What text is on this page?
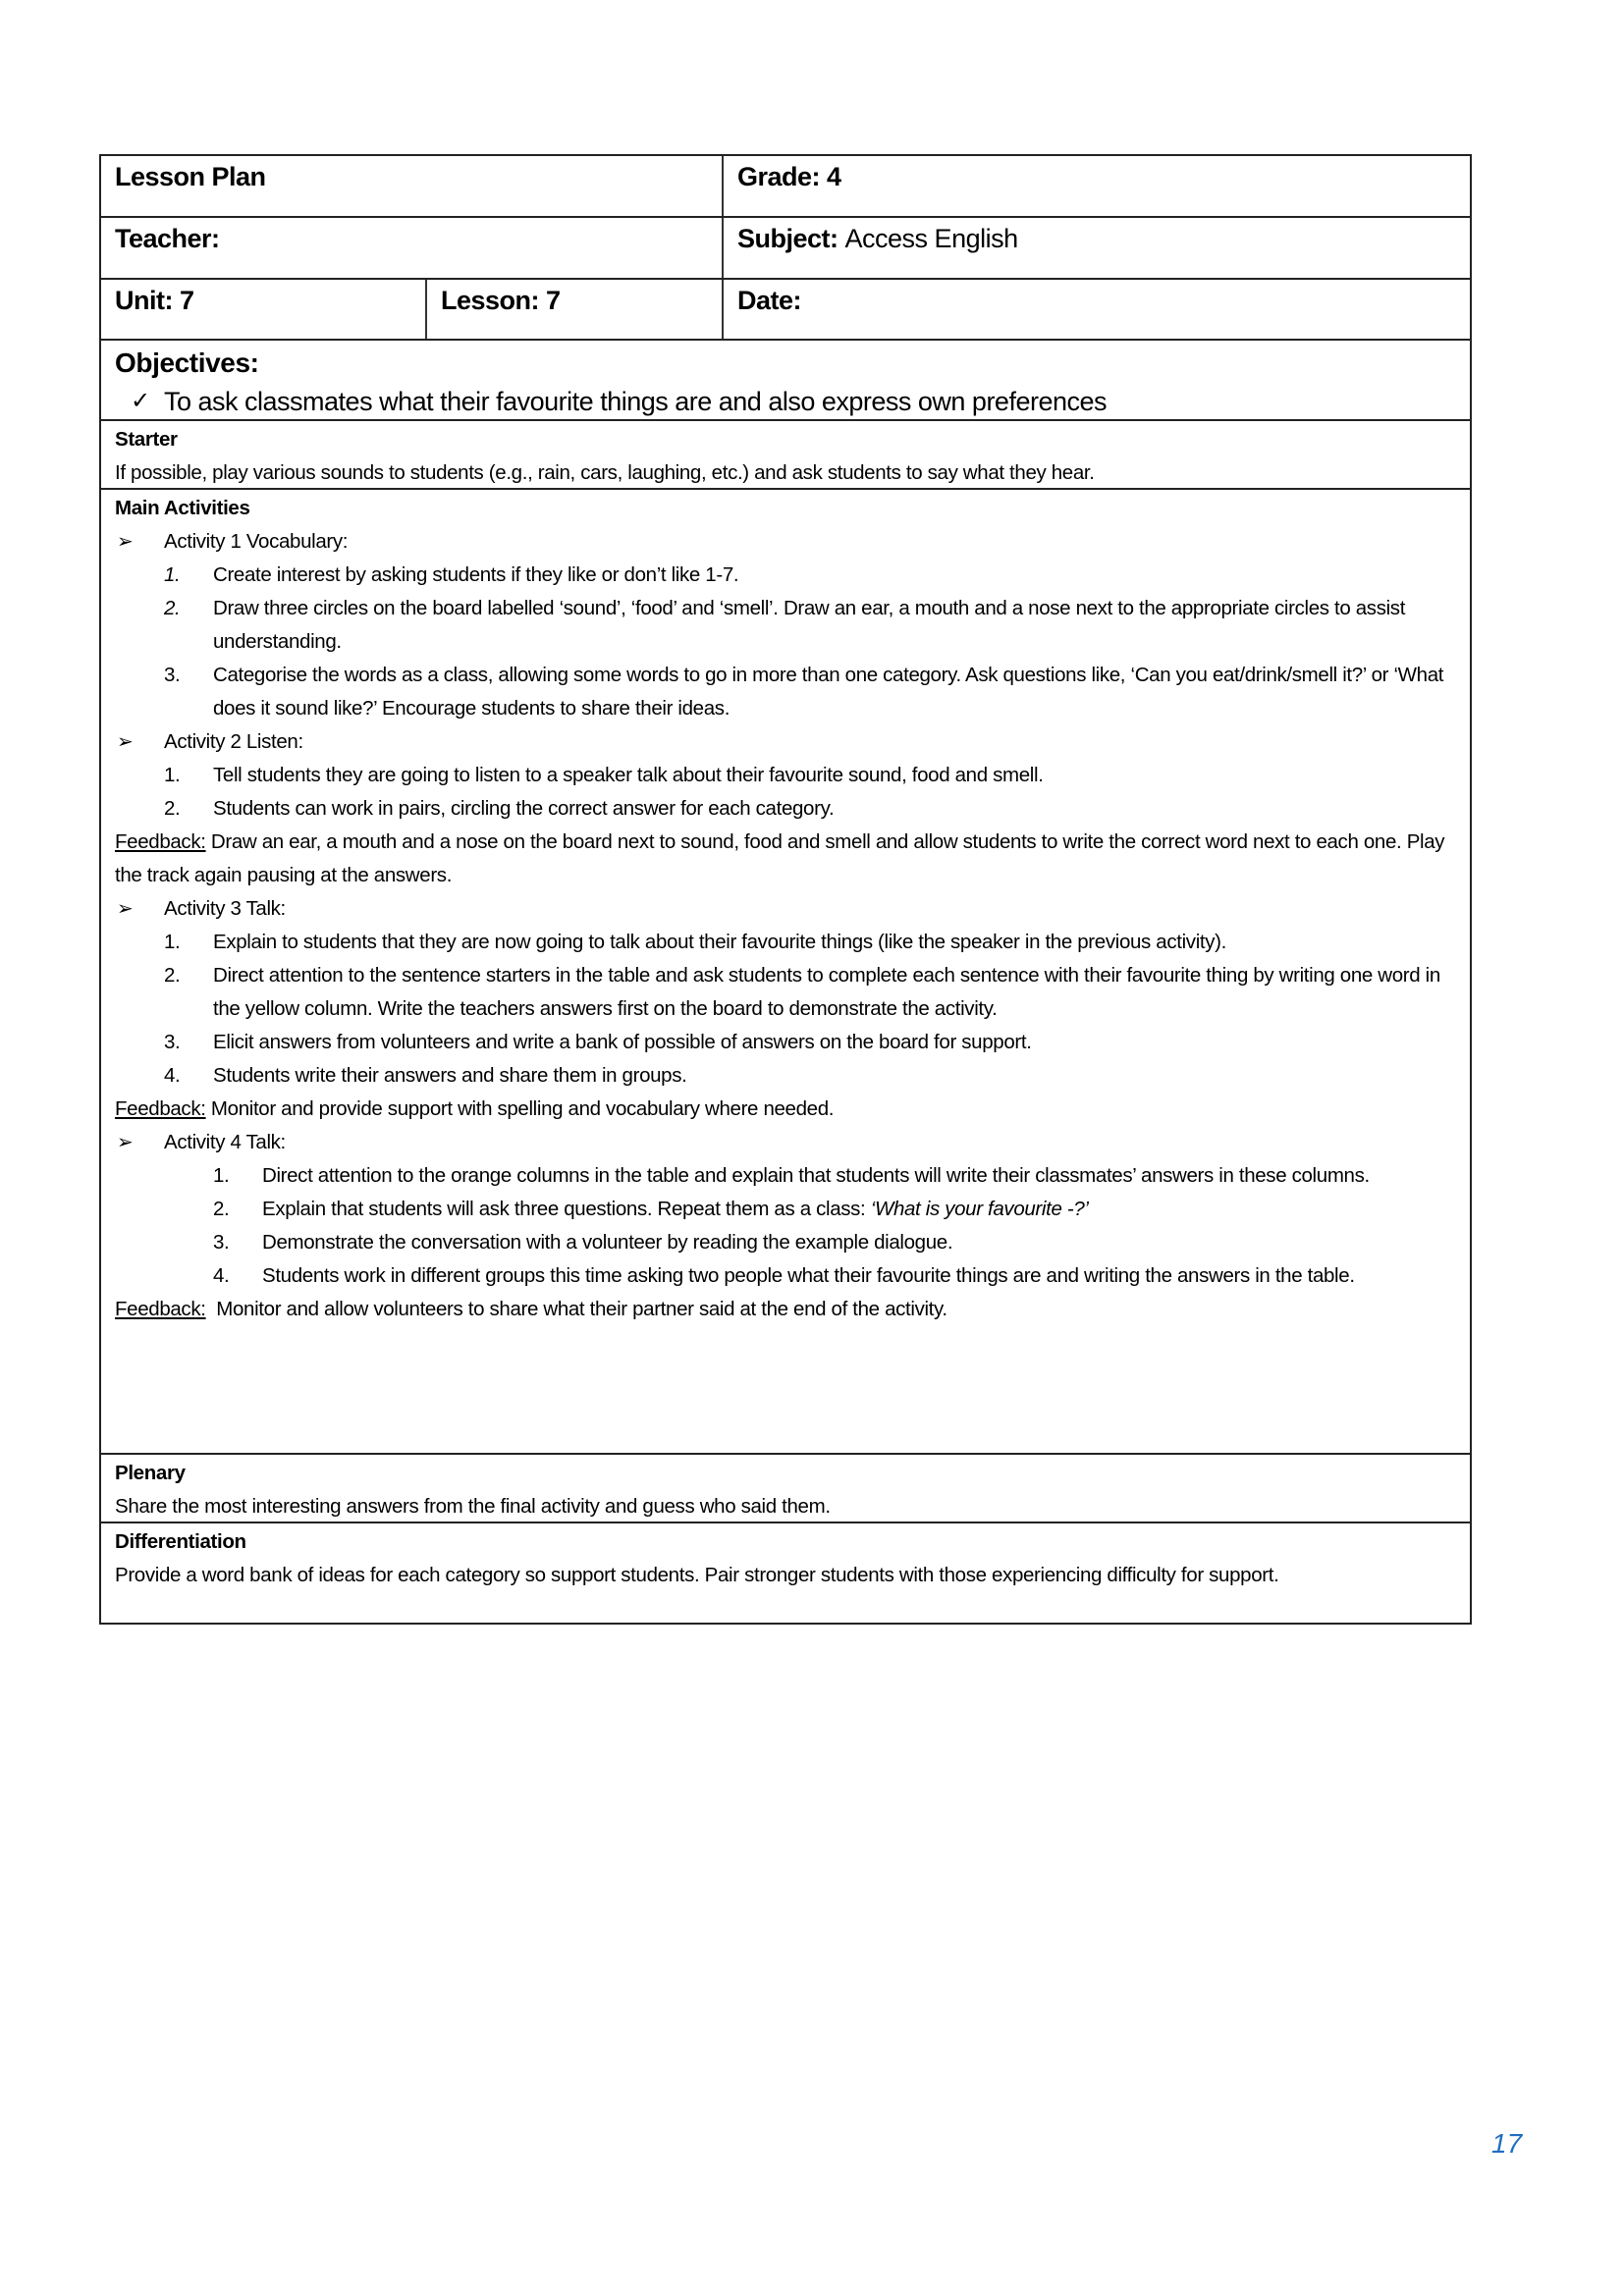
Lesson Plan	Grade: 4
Teacher:	Subject: Access English
Unit: 7	Lesson: 7	Date:
Objectives:
✓ To ask classmates what their favourite things are and also express own preferences
Starter
If possible, play various sounds to students (e.g., rain, cars, laughing, etc.) and ask students to say what they hear.
Main Activities
➢	Activity 1 Vocabulary:
1.	Create interest by asking students if they like or don’t like 1-7.
2.	Draw three circles on the board labelled ‘sound’, ‘food’ and ‘smell’. Draw an ear, a mouth and a nose next to the appropriate circles to assist understanding.
3.	Categorise the words as a class, allowing some words to go in more than one category. Ask questions like, ‘Can you eat/drink/smell it?’ or ‘What does it sound like?’ Encourage students to share their ideas.
➢	Activity 2 Listen:
1.	Tell students they are going to listen to a speaker talk about their favourite sound, food and smell.
2.	Students can work in pairs, circling the correct answer for each category.
Feedback: Draw an ear, a mouth and a nose on the board next to sound, food and smell and allow students to write the correct word next to each one. Play the track again pausing at the answers.
➢	Activity 3 Talk:
1.	Explain to students that they are now going to talk about their favourite things (like the speaker in the previous activity).
2.	Direct attention to the sentence starters in the table and ask students to complete each sentence with their favourite thing by writing one word in the yellow column. Write the teachers answers first on the board to demonstrate the activity.
3.	Elicit answers from volunteers and write a bank of possible of answers on the board for support.
4.	Students write their answers and share them in groups.
Feedback: Monitor and provide support with spelling and vocabulary where needed.
➢	Activity 4 Talk:
1.	Direct attention to the orange columns in the table and explain that students will write their classmates’ answers in these columns.
2.	Explain that students will ask three questions. Repeat them as a class: ‘What is your favourite -?’
3.	Demonstrate the conversation with a volunteer by reading the example dialogue.
4.	Students work in different groups this time asking two people what their favourite things are and writing the answers in the table.
Feedback:  Monitor and allow volunteers to share what their partner said at the end of the activity.
Plenary
Share the most interesting answers from the final activity and guess who said them.
Differentiation
Provide a word bank of ideas for each category so support students. Pair stronger students with those experiencing difficulty for support.
17
